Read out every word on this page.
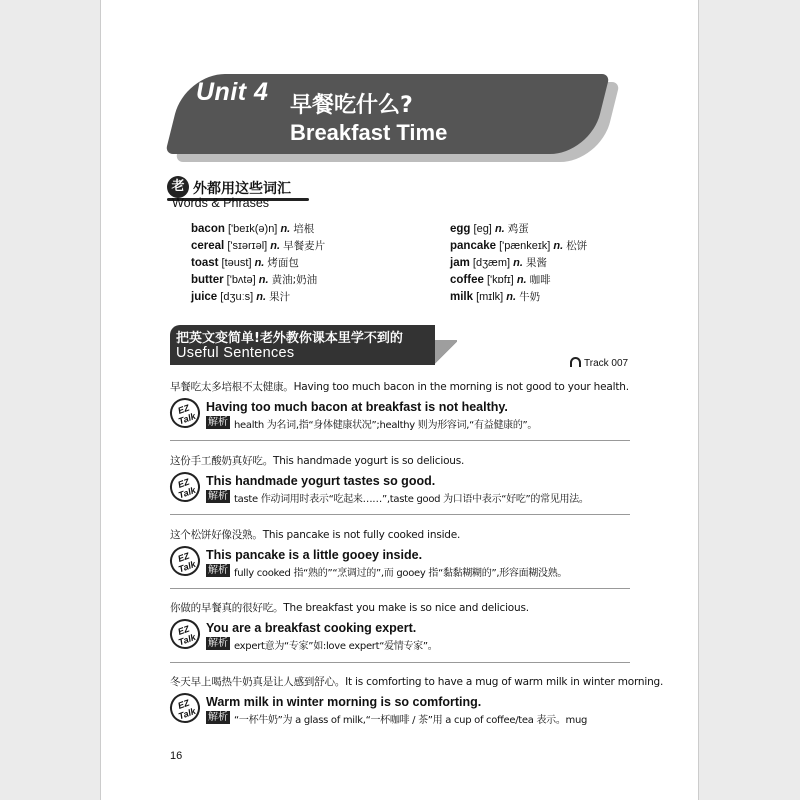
Unit 4 早餐吃什么?
Breakfast Time
老 外都用这些词汇
Words & Phrases
bacon ['beɪk(ə)n] n. 培根
cereal ['sɪərɪəl] n. 早餐麦片
toast [təust] n. 烤面包
butter ['bʌtə] n. 黄油;奶油
juice [dʒuːs] n. 果汁
egg [eg] n. 鸡蛋
pancake ['pænkeɪk] n. 松饼
jam [dʒæm] n. 果酱
coffee ['kɒfɪ] n. 咖啡
milk [mɪlk] n. 牛奶
把英文变简单!老外教你课本里学不到的
Useful Sentences
Track 007
早餐吃太多培根不太健康。Having too much bacon in the morning is not good to your health.
EZ Talk
Having too much bacon at breakfast is not healthy.
解析 health 为名词,指“身体健康状况”;healthy 则为形容词,“有益健康的”。
这份手工酸奶真好吃。This handmade yogurt is so delicious.
EZ Talk
This handmade yogurt tastes so good.
解析 taste 作动词用时表示“吃起来……”,taste good 为口语中表示“好吃”的常见用法。
这个松饼好像没熟。This pancake is not fully cooked inside.
EZ Talk
This pancake is a little gooey inside.
解析 fully cooked 指“熟的”“烹调过的”,而 gooey 指“黏黏糊糊的”,形容面糊没熟。
你做的早餐真的很好吃。The breakfast you make is so nice and delicious.
EZ Talk
You are a breakfast cooking expert.
解析 expert意为“专家”如:love expert“爱情专家”。
冬天早上喝热牛奶真是让人感到舒心。It is comforting to have a mug of warm milk in winter morning.
EZ Talk
Warm milk in winter morning is so comforting.
解析 “一杯牛奶”为 a glass of milk,“一杯咖啡 / 茶”用 a cup of coffee/tea 表示。mug
16
